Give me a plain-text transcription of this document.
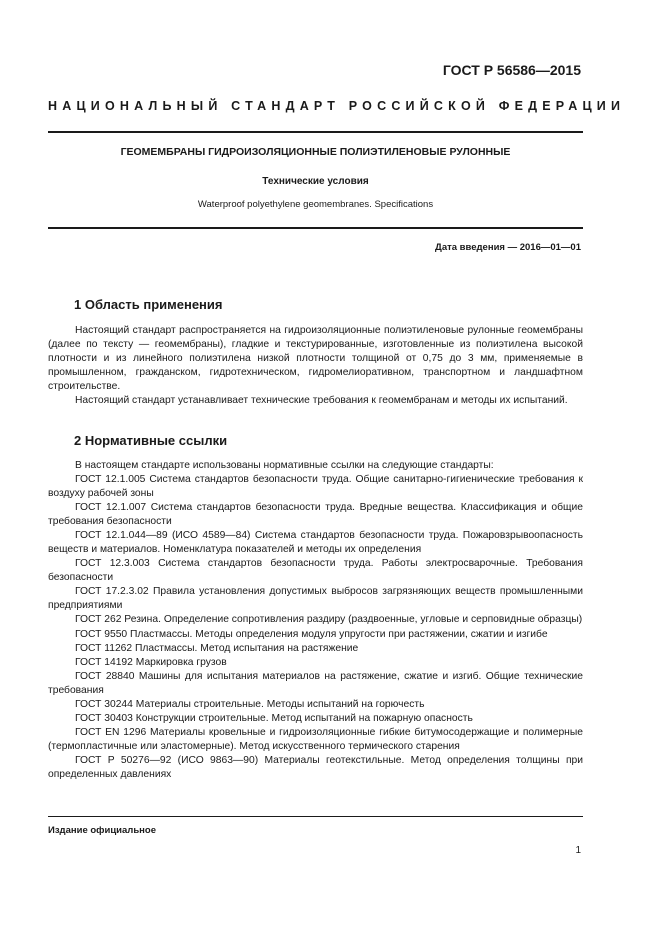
ГОСТ Р 56586—2015
НАЦИОНАЛЬНЫЙ СТАНДАРТ РОССИЙСКОЙ ФЕДЕРАЦИИ
ГЕОМЕМБРАНЫ ГИДРОИЗОЛЯЦИОННЫЕ ПОЛИЭТИЛЕНОВЫЕ РУЛОННЫЕ
Технические условия
Waterproof polyethylene geomembranes. Specifications
Дата введения — 2016—01—01
1 Область применения

Настоящий стандарт распространяется на гидроизоляционные полиэтиленовые рулонные геомембраны (далее по тексту — геомембраны), гладкие и текстурированные, изготовленные из полиэтилена высокой плотности и из линейного полиэтилена низкой плотности толщиной от 0,75 до 3 мм, применяемые в промышленном, гражданском, гидротехническом, гидромелиоративном, транспортном и ландшафтном строительстве.

Настоящий стандарт устанавливает технические требования к геомембранам и методы их испытаний.

2 Нормативные ссылки

В настоящем стандарте использованы нормативные ссылки на следующие стандарты:

ГОСТ 12.1.005 Система стандартов безопасности труда. Общие санитарно-гигиенические требования к воздуху рабочей зоны
ГОСТ 12.1.007 Система стандартов безопасности труда. Вредные вещества. Классификация и общие требования безопасности
ГОСТ 12.1.044—89 (ИСО 4589—84) Система стандартов безопасности труда. Пожаровзрывоопасность веществ и материалов. Номенклатура показателей и методы их определения
ГОСТ 12.3.003 Система стандартов безопасности труда. Работы электросварочные. Требования безопасности
ГОСТ 17.2.3.02 Правила установления допустимых выбросов загрязняющих веществ промышленными предприятиями
ГОСТ 262 Резина. Определение сопротивления раздиру (раздвоенные, угловые и серповидные образцы)
ГОСТ 9550 Пластмассы. Методы определения модуля упругости при растяжении, сжатии и изгибе
ГОСТ 11262 Пластмассы. Метод испытания на растяжение
ГОСТ 14192 Маркировка грузов
ГОСТ 28840 Машины для испытания материалов на растяжение, сжатие и изгиб. Общие технические требования
ГОСТ 30244 Материалы строительные. Методы испытаний на горючесть
ГОСТ 30403 Конструкции строительные. Метод испытаний на пожарную опасность
ГОСТ EN 1296 Материалы кровельные и гидроизоляционные гибкие битумосодержащие и полимерные (термопластичные или эластомерные). Метод искусственного термического старения
ГОСТ Р 50276—92 (ИСО 9863—90) Материалы геотекстильные. Метод определения толщины при определенных давлениях
Издание официальное
1
